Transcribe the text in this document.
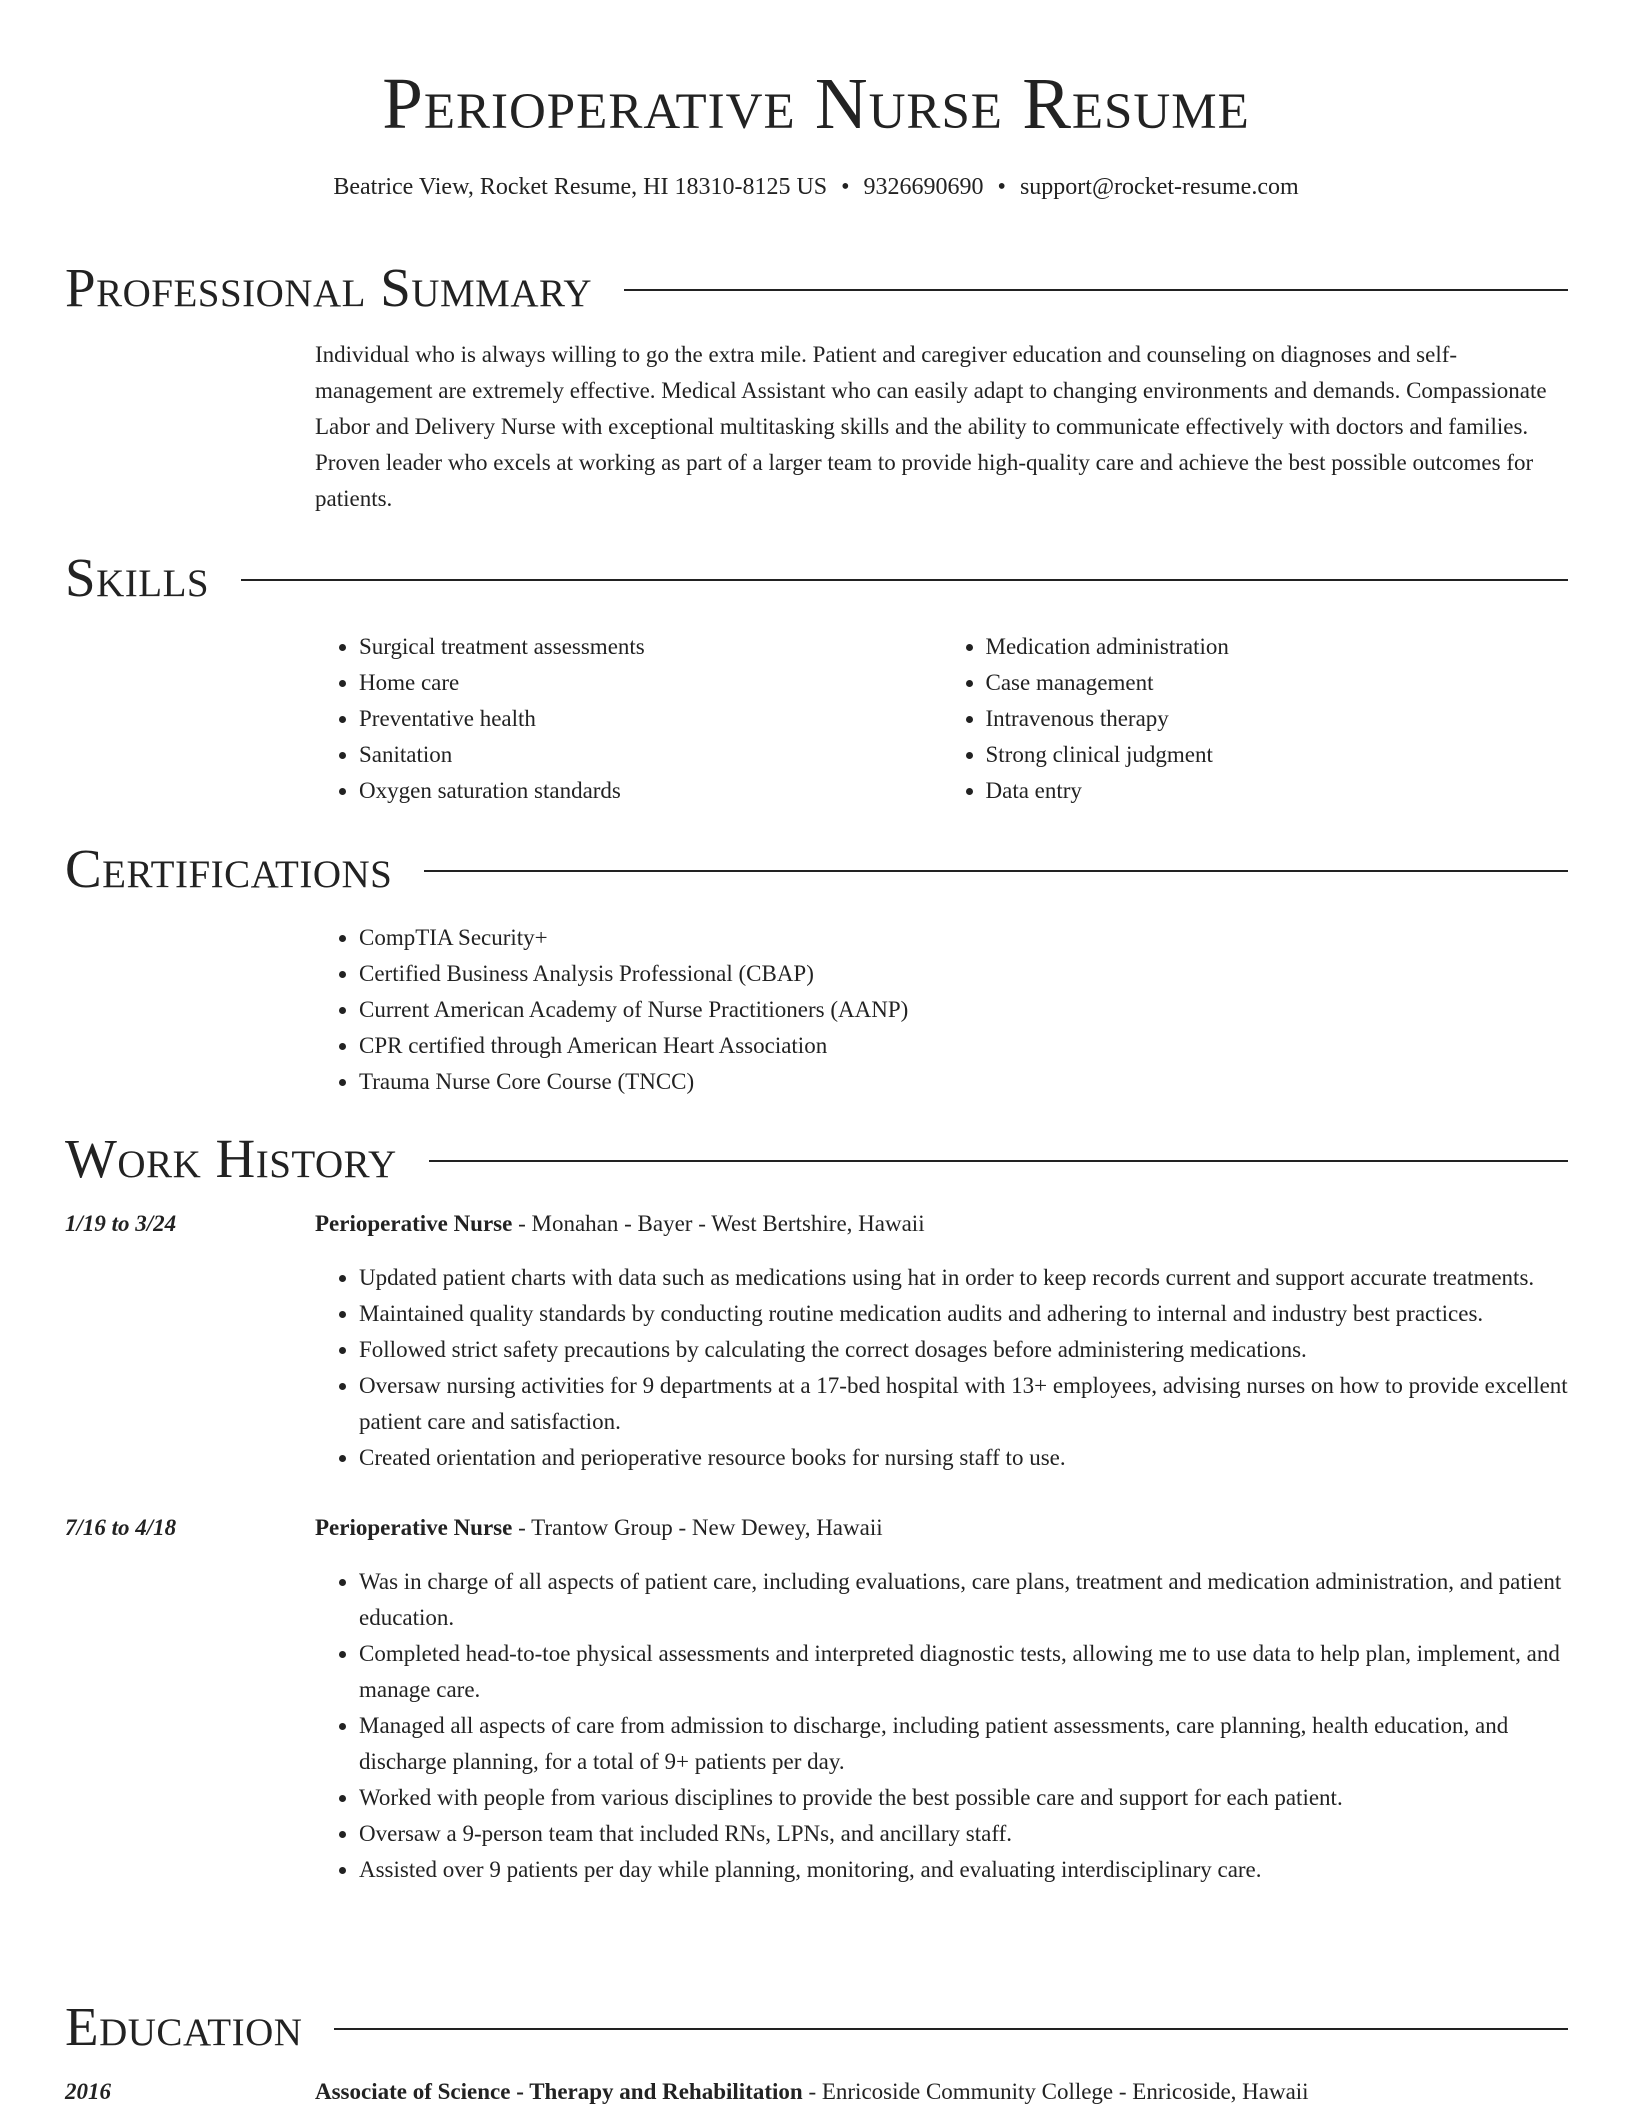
Perioperative Nurse Resume
Beatrice View, Rocket Resume, HI 18310-8125 US • 9326690690 • support@rocket-resume.com
Professional Summary

Individual who is always willing to go the extra mile. Patient and caregiver education and counseling on diagnoses and self-management are extremely effective. Medical Assistant who can easily adapt to changing environments and demands. Compassionate Labor and Delivery Nurse with exceptional multitasking skills and the ability to communicate effectively with doctors and families. Proven leader who excels at working as part of a larger team to provide high-quality care and achieve the best possible outcomes for patients.

Skills
• Surgical treatment assessments
• Home care
• Preventative health
• Sanitation
• Oxygen saturation standards
• Medication administration
• Case management
• Intravenous therapy
• Strong clinical judgment
• Data entry
Certifications
• CompTIA Security+
• Certified Business Analysis Professional (CBAP)
• Current American Academy of Nurse Practitioners (AANP)
• CPR certified through American Heart Association
• Trauma Nurse Core Course (TNCC)
Work History
1/19 to 3/24	Perioperative Nurse - Monahan - Bayer - West Bertshire, Hawaii
• Updated patient charts with data such as medications using hat in order to keep records current and support accurate treatments.
• Maintained quality standards by conducting routine medication audits and adhering to internal and industry best practices.
• Followed strict safety precautions by calculating the correct dosages before administering medications.
• Oversaw nursing activities for 9 departments at a 17-bed hospital with 13+ employees, advising nurses on how to provide excellent patient care and satisfaction.
• Created orientation and perioperative resource books for nursing staff to use.
7/16 to 4/18	Perioperative Nurse - Trantow Group - New Dewey, Hawaii
• Was in charge of all aspects of patient care, including evaluations, care plans, treatment and medication administration, and patient education.
• Completed head-to-toe physical assessments and interpreted diagnostic tests, allowing me to use data to help plan, implement, and manage care.
• Managed all aspects of care from admission to discharge, including patient assessments, care planning, health education, and discharge planning, for a total of 9+ patients per day.
• Worked with people from various disciplines to provide the best possible care and support for each patient.
• Oversaw a 9-person team that included RNs, LPNs, and ancillary staff.
• Assisted over 9 patients per day while planning, monitoring, and evaluating interdisciplinary care.
Education
2016	Associate of Science - Therapy and Rehabilitation - Enricoside Community College - Enricoside, Hawaii
